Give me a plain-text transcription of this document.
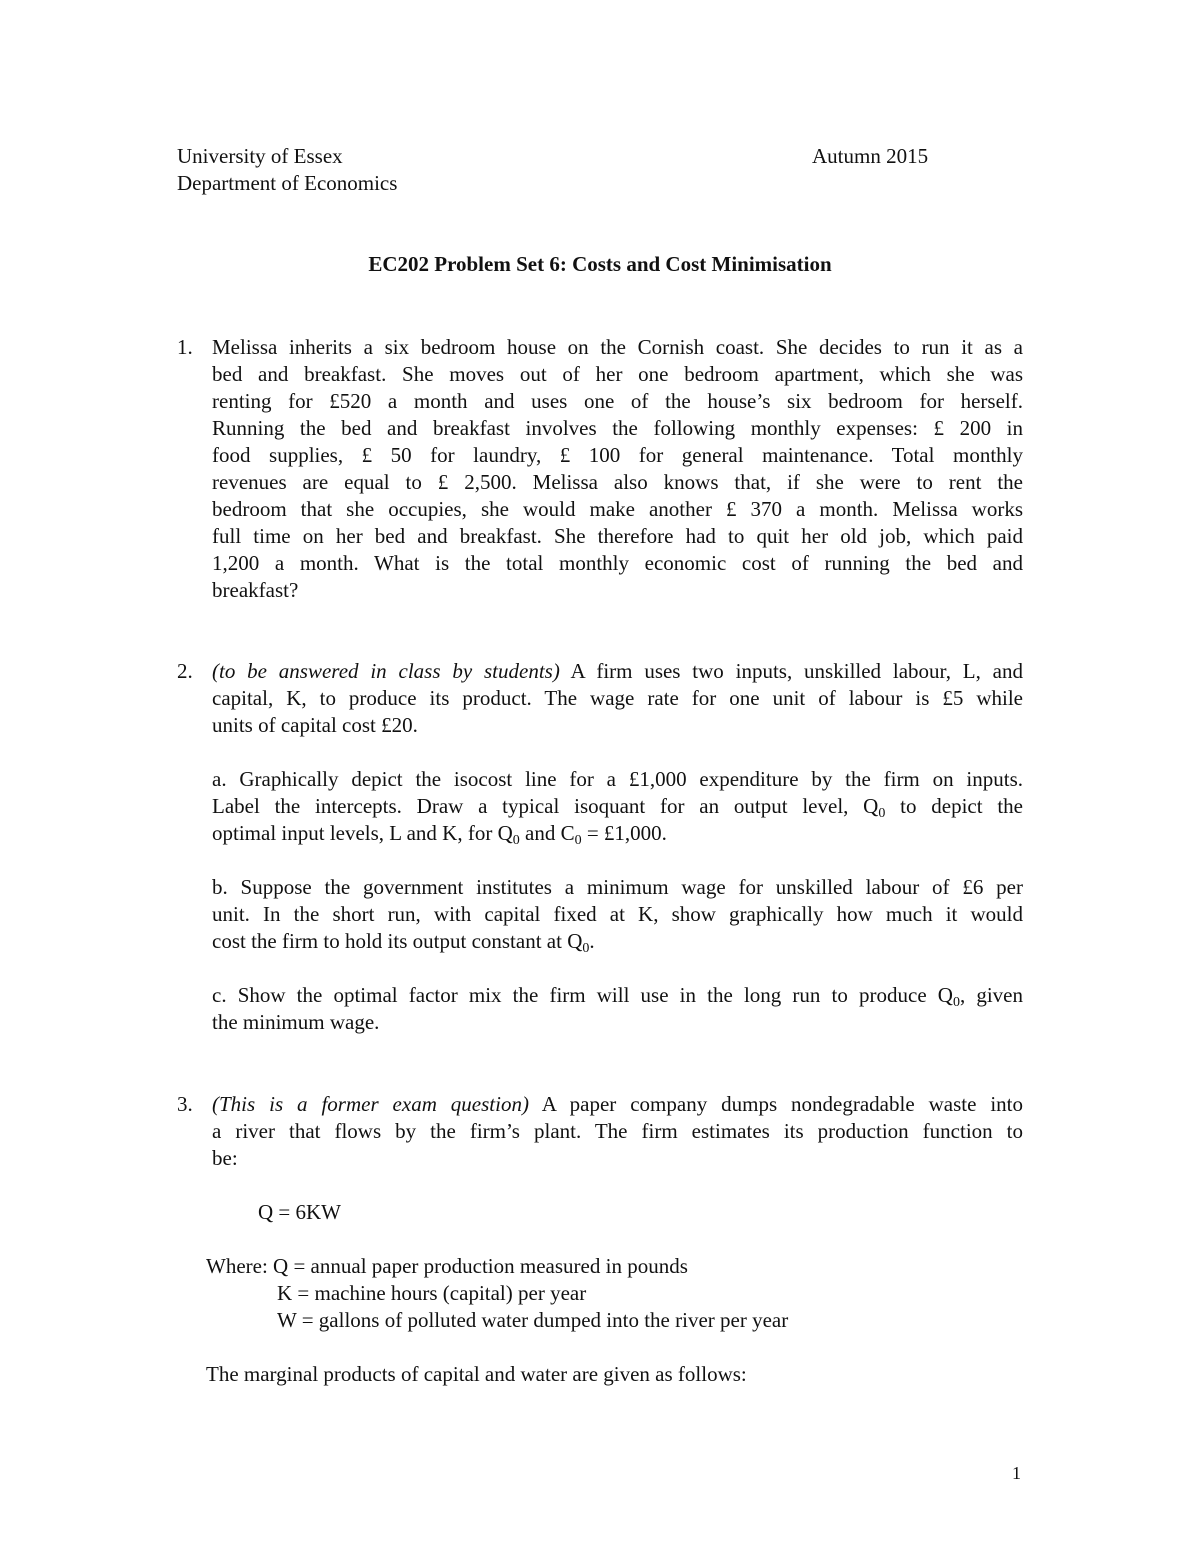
University of Essex	Autumn 2015
Department of Economics
EC202 Problem Set 6: Costs and Cost Minimisation
1. Melissa inherits a six bedroom house on the Cornish coast. She decides to run it as a
bed and breakfast. She moves out of her one bedroom apartment, which she was
renting for £520 a month and uses one of the house’s six bedroom for herself.
Running the bed and breakfast involves the following monthly expenses: £ 200 in
food supplies, £ 50 for laundry, £ 100 for general maintenance. Total monthly
revenues are equal to £ 2,500. Melissa also knows that, if she were to rent the
bedroom that she occupies, she would make another £ 370 a month. Melissa works
full time on her bed and breakfast. She therefore had to quit her old job, which paid
1,200 a month. What is the total monthly economic cost of running the bed and
breakfast?
2. (to be answered in class by students) A firm uses two inputs, unskilled labour, L, and
capital, K, to produce its product. The wage rate for one unit of labour is £5 while
units of capital cost £20.
a. Graphically depict the isocost line for a £1,000 expenditure by the firm on inputs.
Label the intercepts. Draw a typical isoquant for an output level, $Q_0$ to depict the
optimal input levels, L and K, for $Q_0$ and $C_0$ = £1,000.
b. Suppose the government institutes a minimum wage for unskilled labour of £6 per
unit. In the short run, with capital fixed at K, show graphically how much it would
cost the firm to hold its output constant at $Q_0$.
c. Show the optimal factor mix the firm will use in the long run to produce $Q_0$, given
the minimum wage.
3. (This is a former exam question) A paper company dumps nondegradable waste into
a river that flows by the firm’s plant. The firm estimates its production function to
be:
Q = 6KW
Where: Q = annual paper production measured in pounds
K = machine hours (capital) per year
W = gallons of polluted water dumped into the river per year
The marginal products of capital and water are given as follows:
1
